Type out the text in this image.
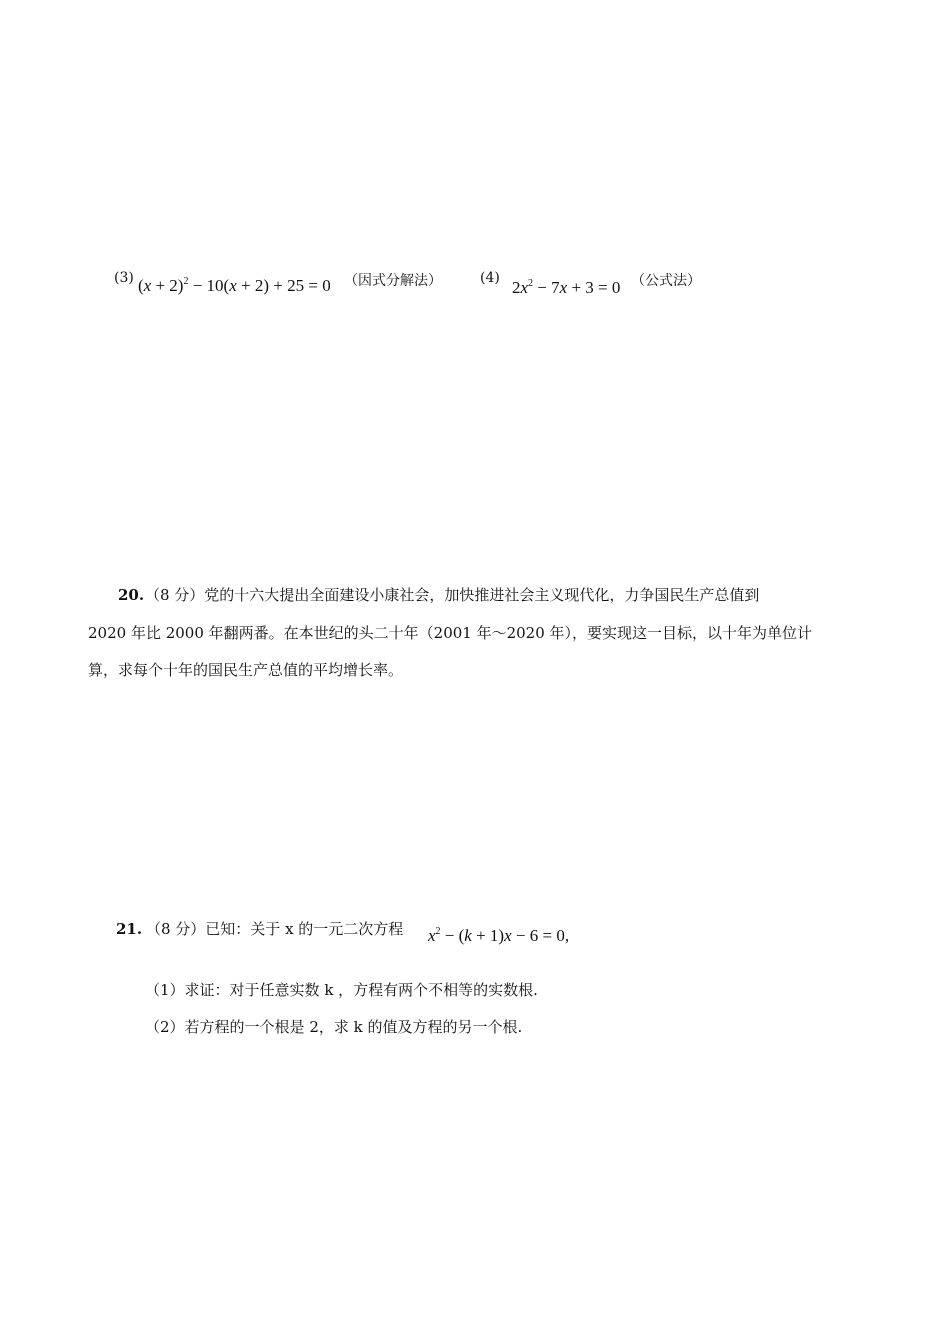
(3) $(x + 2)^2 - 10(x + 2) + 25 = 0$ （因式分解法）	(4) $2x^2 - 7x + 3 = 0$ （公式法）
20. （8 分）党的十六大提出全面建设小康社会，加快推进社会主义现代化，力争国民生产总值到
2020 年比 2000 年翻两番。在本世纪的头二十年（2001 年～2020 年），要实现这一目标，以十年为单位计
算，求每个十年的国民生产总值的平均增长率。
21. （8 分）已知：关于 x 的一元二次方程 $x^2 - (k + 1)x - 6 = 0$,
（1）求证：对于任意实数 k ，方程有两个不相等的实数根.
（2）若方程的一个根是 2，求 k 的值及方程的另一个根.
